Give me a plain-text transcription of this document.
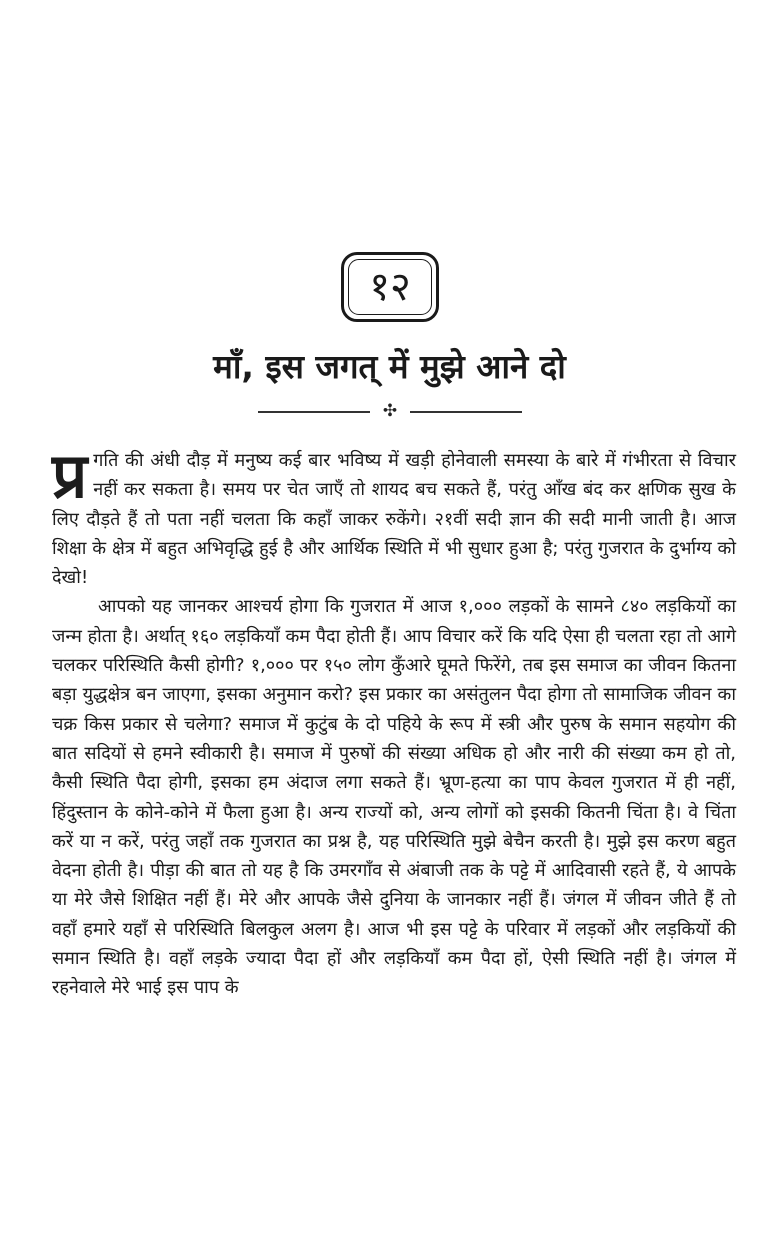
१२
माँ, इस जगत् में मुझे आने दो
✣

प्र गति की अंधी दौड़ में मनुष्य कई बार भविष्य में खड़ी होनेवाली समस्या के बारे में गंभीरता से विचार नहीं कर सकता है। समय पर चेत जाएँ तो शायद बच सकते हैं, परंतु आँख बंद कर क्षणिक सुख के लिए दौड़ते हैं तो पता नहीं चलता कि कहाँ जाकर रुकेंगे। २१वीं सदी ज्ञान की सदी मानी जाती है। आज शिक्षा के क्षेत्र में बहुत अभिवृद्धि हुई है और आर्थिक स्थिति में भी सुधार हुआ है; परंतु गुजरात के दुर्भाग्य को देखो!

आपको यह जानकर आश्चर्य होगा कि गुजरात में आज १,००० लड़कों के सामने ८४० लड़कियों का जन्म होता है। अर्थात् १६० लड़कियाँ कम पैदा होती हैं। आप विचार करें कि यदि ऐसा ही चलता रहा तो आगे चलकर परिस्थिति कैसी होगी? १,००० पर १५० लोग कुँआरे घूमते फिरेंगे, तब इस समाज का जीवन कितना बड़ा युद्धक्षेत्र बन जाएगा, इसका अनुमान करो? इस प्रकार का असंतुलन पैदा होगा तो सामाजिक जीवन का चक्र किस प्रकार से चलेगा? समाज में कुटुंब के दो पहिये के रूप में स्त्री और पुरुष के समान सहयोग की बात सदियों से हमने स्वीकारी है। समाज में पुरुषों की संख्या अधिक हो और नारी की संख्या कम हो तो, कैसी स्थिति पैदा होगी, इसका हम अंदाज लगा सकते हैं। भ्रूण-हत्या का पाप केवल गुजरात में ही नहीं, हिंदुस्तान के कोने-कोने में फैला हुआ है। अन्य राज्यों को, अन्य लोगों को इसकी कितनी चिंता है। वे चिंता करें या न करें, परंतु जहाँ तक गुजरात का प्रश्न है, यह परिस्थिति मुझे बेचैन करती है। मुझे इस करण बहुत वेदना होती है। पीड़ा की बात तो यह है कि उमरगाँव से अंबाजी तक के पट्टे में आदिवासी रहते हैं, ये आपके या मेरे जैसे शिक्षित नहीं हैं। मेरे और आपके जैसे दुनिया के जानकार नहीं हैं। जंगल में जीवन जीते हैं तो वहाँ हमारे यहाँ से परिस्थिति बिलकुल अलग है। आज भी इस पट्टे के परिवार में लड़कों और लड़कियों की समान स्थिति है। वहाँ लड़के ज्यादा पैदा हों और लड़कियाँ कम पैदा हों, ऐसी स्थिति नहीं है। जंगल में रहनेवाले मेरे भाई इस पाप के
